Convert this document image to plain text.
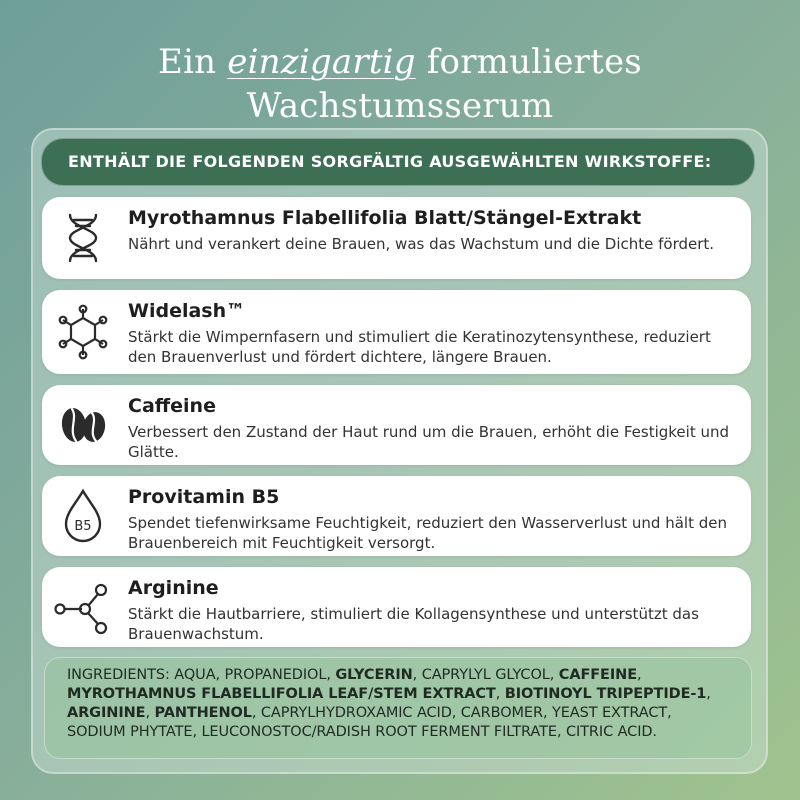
Ein einzigartig formuliertes Wachstumsserum
ENTHÄLT DIE FOLGENDEN SORGFÄLTIG AUSGEWÄHLTEN WIRKSTOFFE:
Myrothamnus Flabellifolia Blatt/Stängel-Extrakt
Nährt und verankert deine Brauen, was das Wachstum und die Dichte fördert.
Widelash™
Stärkt die Wimpernfasern und stimuliert die Keratinozytensynthese, reduziert den Brauenverlust und fördert dichtere, längere Brauen.
Caffeine
Verbessert den Zustand der Haut rund um die Brauen, erhöht die Festigkeit und Glätte.
B5
Provitamin B5
Spendet tiefenwirksame Feuchtigkeit, reduziert den Wasserverlust und hält den Brauenbereich mit Feuchtigkeit versorgt.
Arginine
Stärkt die Hautbarriere, stimuliert die Kollagensynthese und unterstützt das Brauenwachstum.
INGREDIENTS: AQUA, PROPANEDIOL, GLYCERIN, CAPRYLYL GLYCOL, CAFFEINE,
MYROTHAMNUS FLABELLIFOLIA LEAF/STEM EXTRACT, BIOTINOYL TRIPEPTIDE-1,
ARGININE, PANTHENOL, CAPRYLHYDROXAMIC ACID, CARBOMER, YEAST EXTRACT, SODIUM PHYTATE, LEUCONOSTOC/RADISH ROOT FERMENT FILTRATE, CITRIC ACID.
